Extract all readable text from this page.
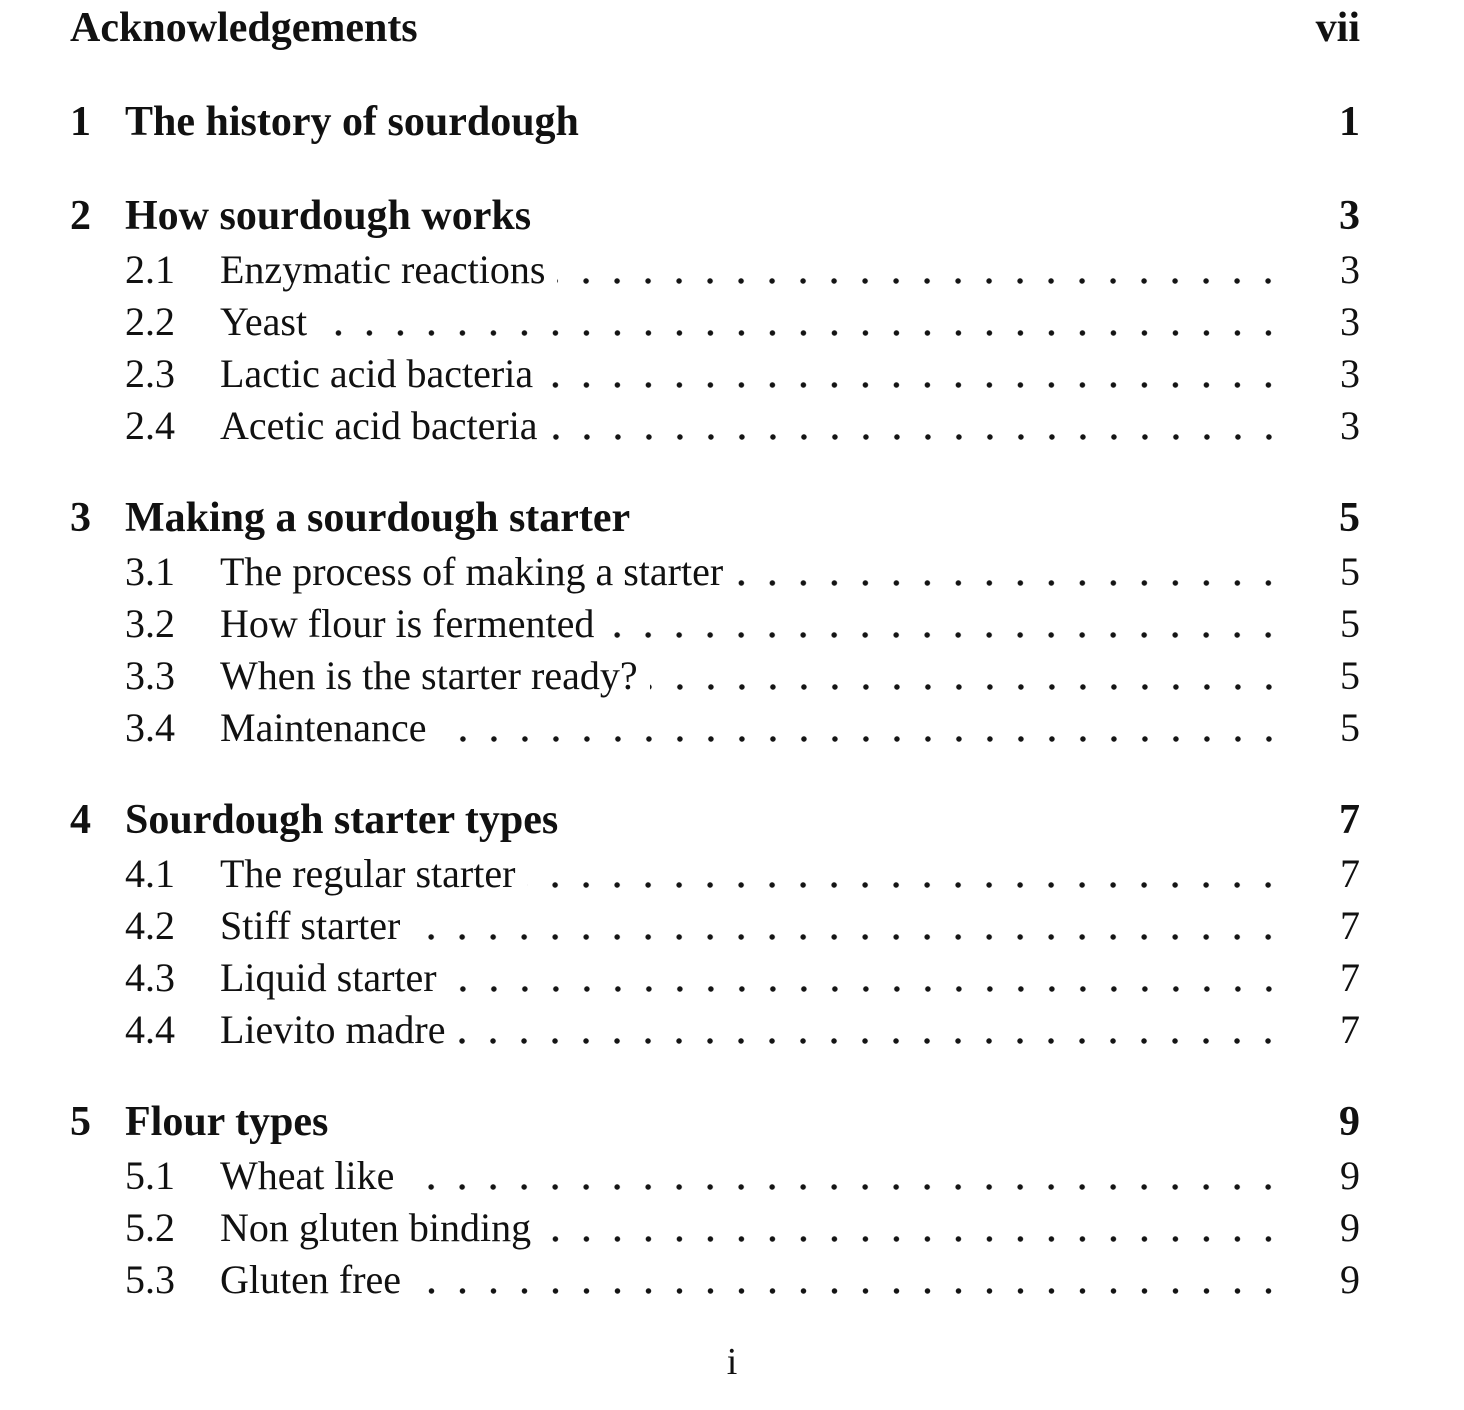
Acknowledgements	vii
1 The history of sourdough	1
2 How sourdough works	3
2.1	Enzymatic reactions	3
2.2	Yeast	3
2.3	Lactic acid bacteria	3
2.4	Acetic acid bacteria	3
3 Making a sourdough starter	5
3.1	The process of making a starter	5
3.2	How flour is fermented	5
3.3	When is the starter ready?	5
3.4	Maintenance	5
4 Sourdough starter types	7
4.1	The regular starter	7
4.2	Stiff starter	7
4.3	Liquid starter	7
4.4	Lievito madre	7
5 Flour types	9
5.1	Wheat like	9
5.2	Non gluten binding	9
5.3	Gluten free	9
i
